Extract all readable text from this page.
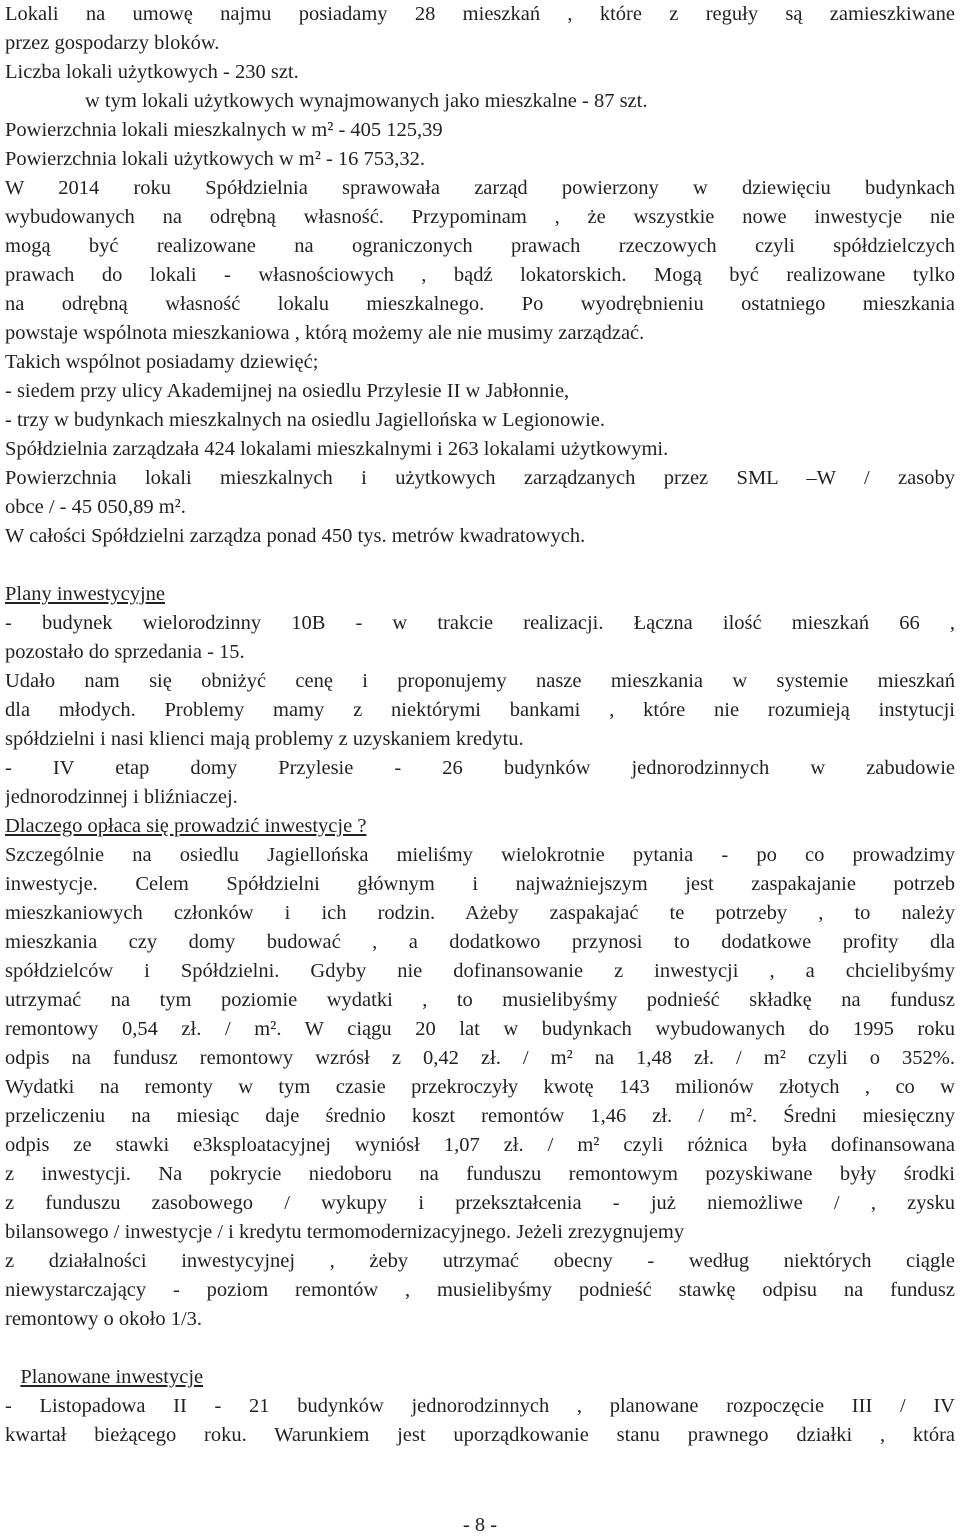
Lokali na umowę najmu posiadamy 28 mieszkań , które z reguły są zamieszkiwane
przez gospodarzy bloków.
Liczba lokali użytkowych - 230 szt.
w tym lokali użytkowych wynajmowanych jako mieszkalne - 87 szt.
Powierzchnia lokali mieszkalnych w m² - 405 125,39
Powierzchnia lokali użytkowych w m² - 16 753,32.
W 2014 roku Spółdzielnia sprawowała zarząd powierzony w dziewięciu budynkach
wybudowanych na odrębną własność. Przypominam , że wszystkie nowe inwestycje nie
mogą być realizowane na ograniczonych prawach rzeczowych czyli spółdzielczych
prawach do lokali - własnościowych , bądź lokatorskich. Mogą być realizowane tylko
na odrębną własność lokalu mieszkalnego. Po wyodrębnieniu ostatniego mieszkania
powstaje wspólnota mieszkaniowa , którą możemy ale nie musimy zarządzać.
Takich wspólnot posiadamy dziewięć;
- siedem przy ulicy Akademijnej na osiedlu Przylesie II w Jabłonnie,
- trzy w budynkach mieszkalnych na osiedlu Jagiellońska w Legionowie.
Spółdzielnia zarządzała 424 lokalami mieszkalnymi i 263 lokalami użytkowymi.
Powierzchnia lokali mieszkalnych i użytkowych zarządzanych przez SML –W / zasoby
obce / - 45 050,89 m².
W całości Spółdzielni zarządza ponad 450 tys. metrów kwadratowych.
Plany inwestycyjne
- budynek wielorodzinny 10B - w trakcie realizacji. Łączna ilość mieszkań 66 ,
pozostało do sprzedania - 15.
Udało nam się obniżyć cenę i proponujemy nasze mieszkania w systemie mieszkań
dla młodych. Problemy mamy z niektórymi bankami , które nie rozumieją instytucji
spółdzielni i nasi klienci mają problemy z uzyskaniem kredytu.
- IV etap domy Przylesie - 26 budynków jednorodzinnych w zabudowie
jednorodzinnej i bliźniaczej.
Dlaczego opłaca się prowadzić inwestycje ?
Szczególnie na osiedlu Jagiellońska mieliśmy wielokrotnie pytania - po co prowadzimy
inwestycje. Celem Spółdzielni głównym i najważniejszym jest zaspakajanie potrzeb
mieszkaniowych członków i ich rodzin. Ażeby zaspakajać te potrzeby , to należy
mieszkania czy domy budować , a dodatkowo przynosi to dodatkowe profity dla
spółdzielców i Spółdzielni. Gdyby nie dofinansowanie z inwestycji , a chcielibyśmy
utrzymać na tym poziomie wydatki , to musielibyśmy podnieść składkę na fundusz
remontowy 0,54 zł. / m². W ciągu 20 lat w budynkach wybudowanych do 1995 roku
odpis na fundusz remontowy wzrósł z 0,42 zł. / m² na 1,48 zł. / m² czyli o 352%.
Wydatki na remonty w tym czasie przekroczyły kwotę 143 milionów złotych , co w
przeliczeniu na miesiąc daje średnio koszt remontów 1,46 zł. / m². Średni miesięczny
odpis ze stawki e3ksploatacyjnej wyniósł 1,07 zł. / m² czyli różnica była dofinansowana
z inwestycji. Na pokrycie niedoboru na funduszu remontowym pozyskiwane były środki
z funduszu zasobowego / wykupy i przekształcenia - już niemożliwe / , zysku
bilansowego / inwestycje / i kredytu termomodernizacyjnego. Jeżeli zrezygnujemy
z działalności inwestycyjnej , żeby utrzymać obecny - według niektórych ciągle
niewystarczający - poziom remontów , musielibyśmy podnieść stawkę odpisu na fundusz
remontowy o około 1/3.
Planowane inwestycje
- Listopadowa II - 21 budynków jednorodzinnych , planowane rozpoczęcie III / IV
kwartał bieżącego roku. Warunkiem jest uporządkowanie stanu prawnego działki , która
- 8 -
